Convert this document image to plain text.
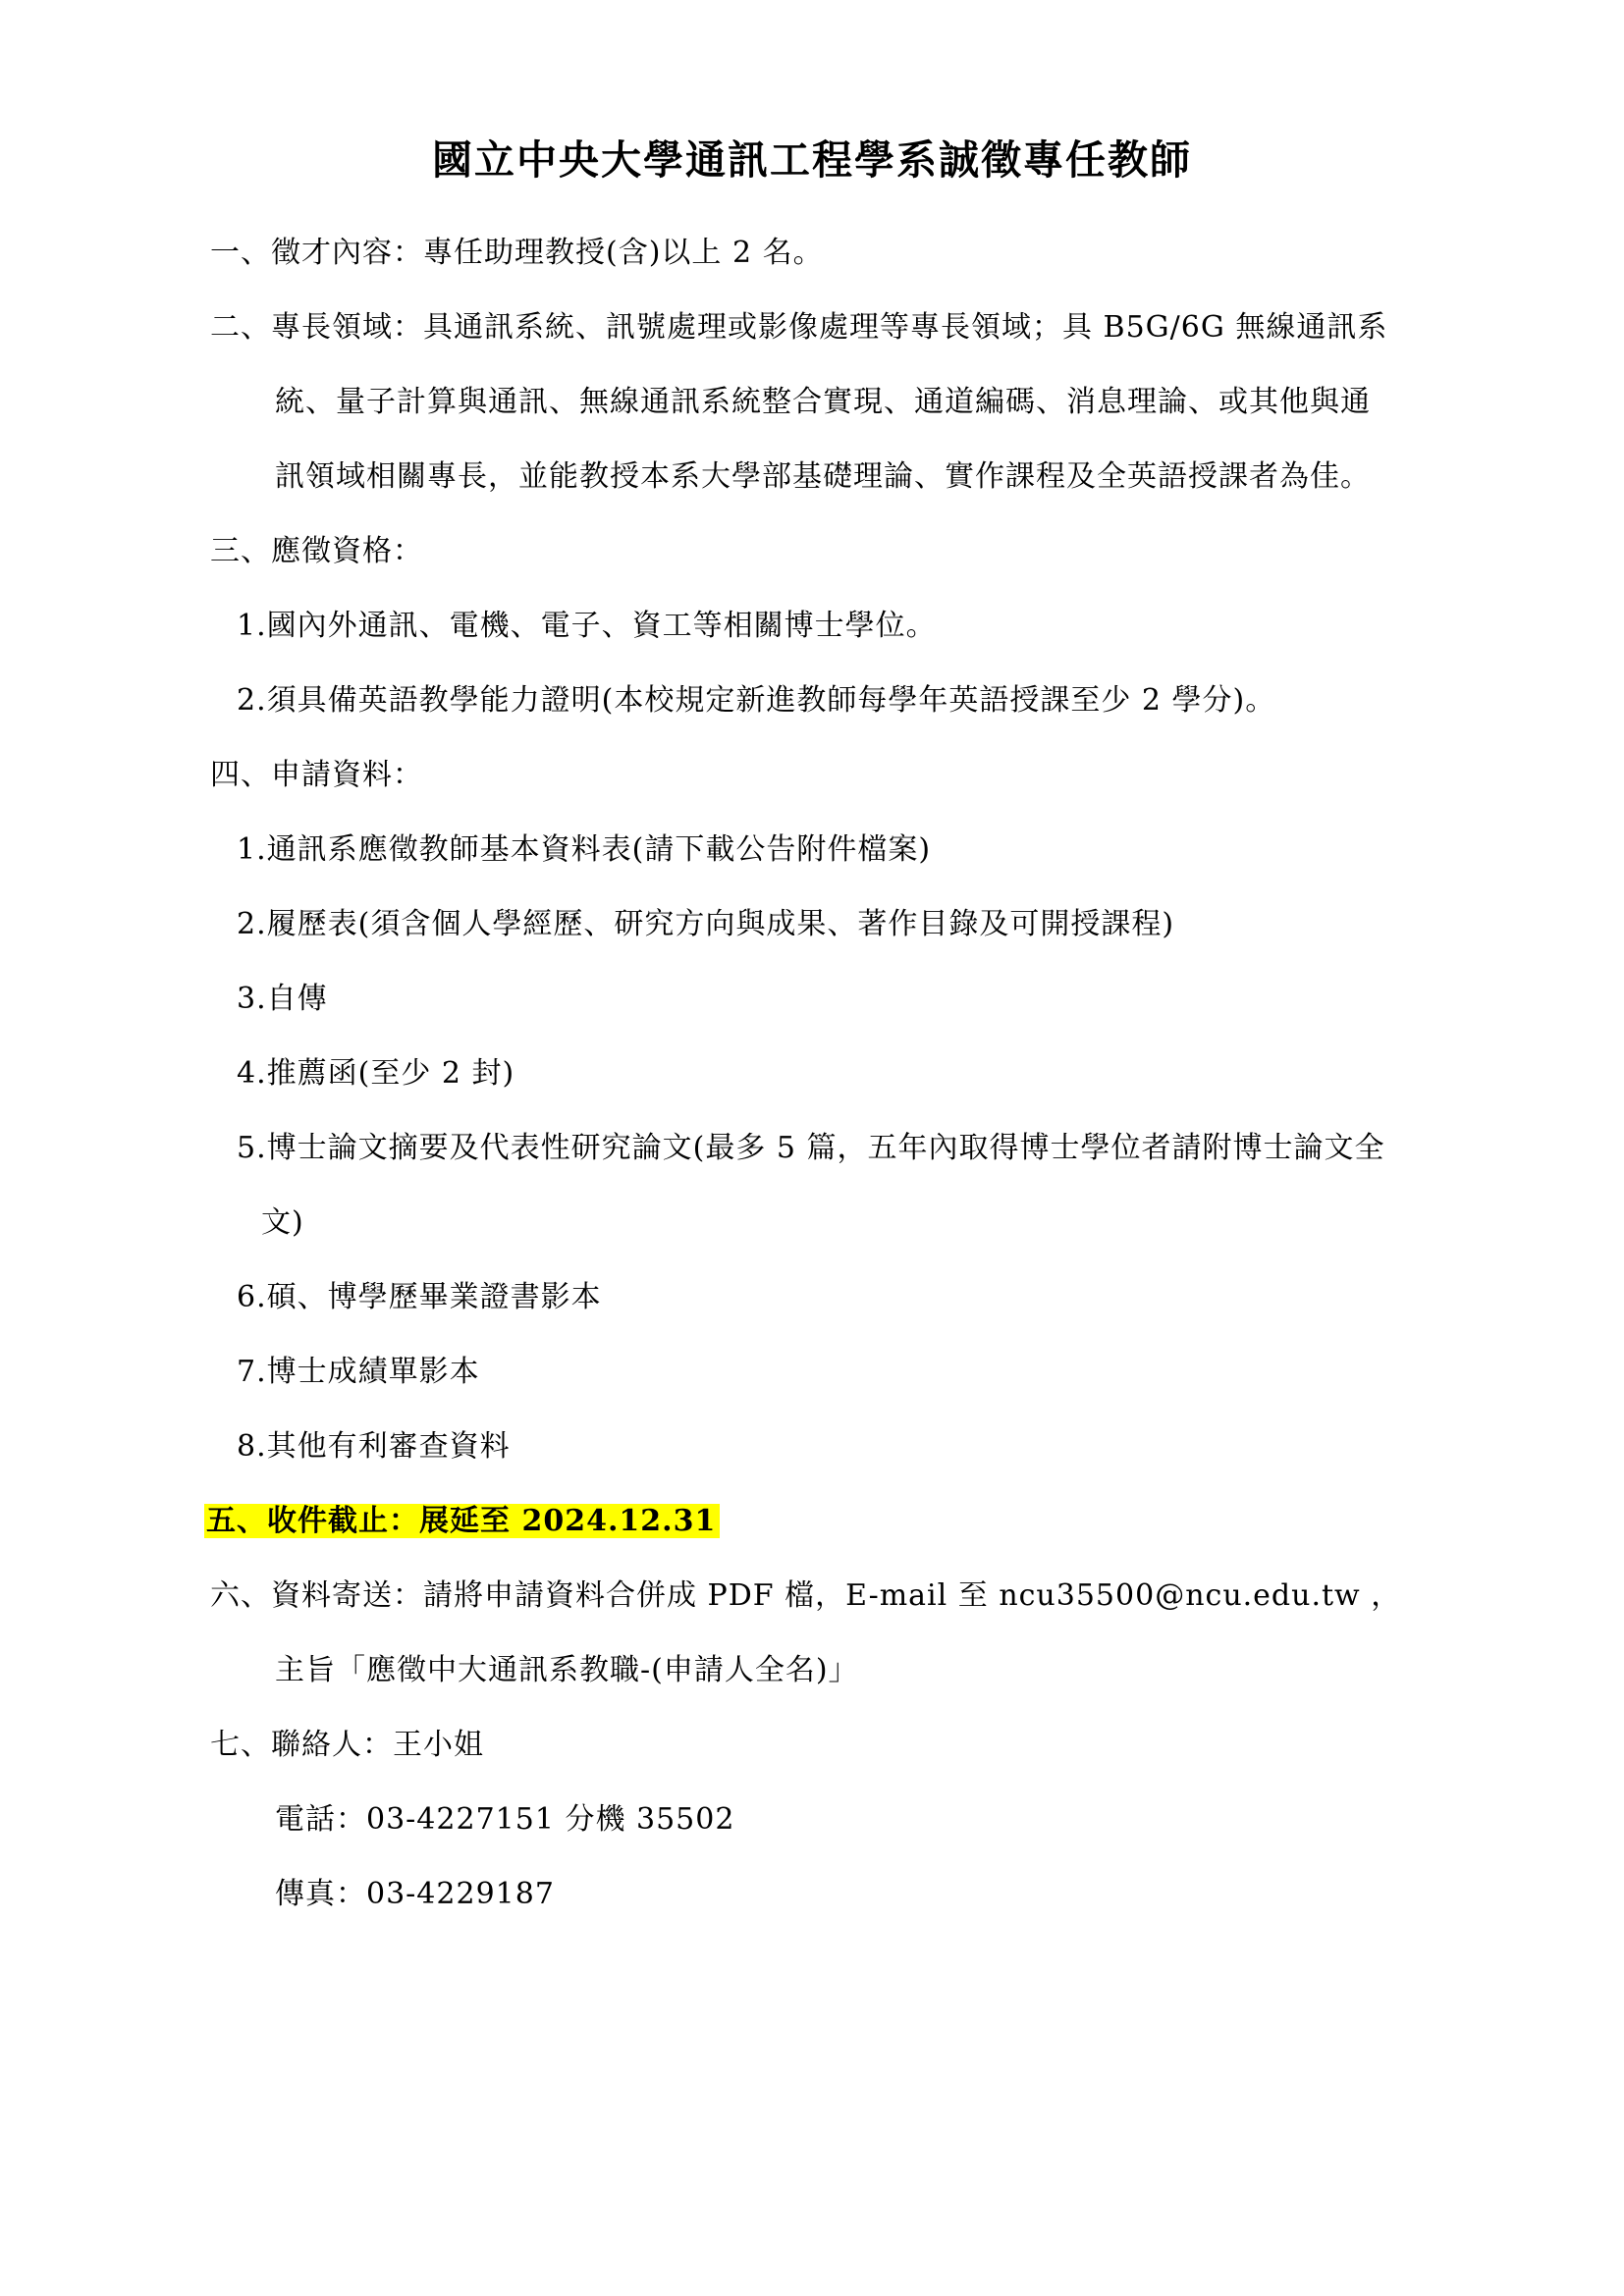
國立中央大學通訊工程學系誠徵專任教師
一、徵才內容：專任助理教授(含)以上 2 名。
二、專長領域：具通訊系統、訊號處理或影像處理等專長領域；具 B5G/6G 無線通訊系
統、量子計算與通訊、無線通訊系統整合實現、通道編碼、消息理論、或其他與通
訊領域相關專長，並能教授本系大學部基礎理論、實作課程及全英語授課者為佳。
三、應徵資格：
1.國內外通訊、電機、電子、資工等相關博士學位。
2.須具備英語教學能力證明(本校規定新進教師每學年英語授課至少 2 學分)。
四、申請資料：
1.通訊系應徵教師基本資料表(請下載公告附件檔案)
2.履歷表(須含個人學經歷、研究方向與成果、著作目錄及可開授課程)
3.自傳
4.推薦函(至少 2 封)
5.博士論文摘要及代表性研究論文(最多 5 篇，五年內取得博士學位者請附博士論文全
文)
6.碩、博學歷畢業證書影本
7.博士成績單影本
8.其他有利審查資料
五、收件截止：展延至 2024.12.31
六、資料寄送：請將申請資料合併成 PDF 檔，E-mail 至 ncu35500@ncu.edu.tw ，
主旨「應徵中大通訊系教職-(申請人全名)」
七、聯絡人：王小姐
電話：03-4227151 分機 35502
傳真：03-4229187
